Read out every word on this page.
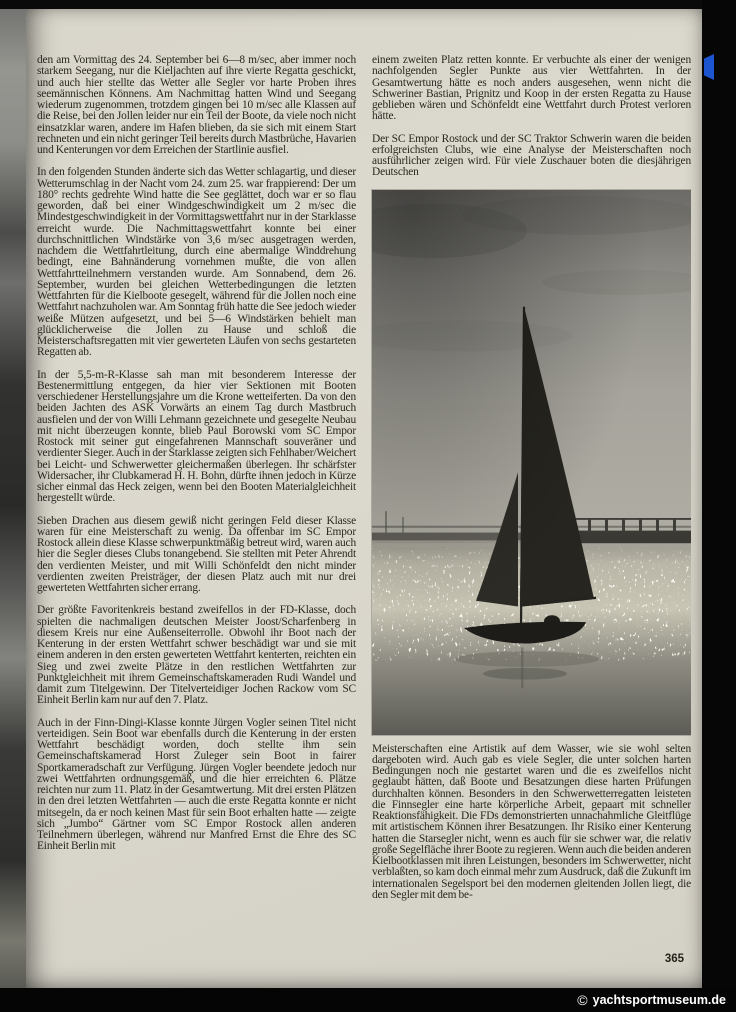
den am Vormittag des 24. September bei 6—8 m/sec, aber immer noch starkem Seegang, nur die Kieljachten auf ihre vierte Regatta geschickt, und auch hier stellte das Wetter alle Segler vor harte Proben ihres seemännischen Könnens. Am Nachmittag hatten Wind und Seegang wiederum zugenommen, trotzdem gingen bei 10 m/sec alle Klassen auf die Reise, bei den Jollen leider nur ein Teil der Boote, da viele noch nicht einsatzklar waren, andere im Hafen blieben, da sie sich mit einem Start rechneten und ein nicht geringer Teil bereits durch Mastbrüche, Havarien und Kenterungen vor dem Erreichen der Startlinie ausfiel.

In den folgenden Stunden änderte sich das Wetter schlagartig, und dieser Wetterumschlag in der Nacht vom 24. zum 25. war frappierend: Der um 180° rechts gedrehte Wind hatte die See geglättet, doch war er so flau geworden, daß bei einer Windgeschwindigkeit um 2 m/sec die Mindestgeschwindigkeit in der Vormittagswettfahrt nur in der Starklasse erreicht wurde. Die Nachmittagswettfahrt konnte bei einer durchschnittlichen Windstärke von 3,6 m/sec ausgetragen werden, nachdem die Wettfahrtleitung, durch eine abermalige Winddrehung bedingt, eine Bahnänderung vornehmen mußte, die von allen Wettfahrtteilnehmern verstanden wurde. Am Sonnabend, dem 26. September, wurden bei gleichen Wetterbedingungen die letzten Wettfahrten für die Kielboote gesegelt, während für die Jollen noch eine Wettfahrt nachzuholen war. Am Sonntag früh hatte die See jedoch wieder weiße Mützen aufgesetzt, und bei 5—6 Windstärken behielt man glücklicherweise die Jollen zu Hause und schloß die Meisterschaftsregatten mit vier gewerteten Läufen von sechs gestarteten Regatten ab.

In der 5,5-m-R-Klasse sah man mit besonderem Interesse der Bestenermittlung entgegen, da hier vier Sektionen mit Booten verschiedener Herstellungsjahre um die Krone wetteiferten. Da von den beiden Jachten des ASK Vorwärts an einem Tag durch Mastbruch ausfielen und der von Willi Lehmann gezeichnete und gesegelte Neubau mit nicht überzeugen konnte, blieb Paul Borowski vom SC Empor Rostock mit seiner gut eingefahrenen Mannschaft souveräner und verdienter Sieger. Auch in der Starklasse zeigten sich Fehlhaber/Weichert bei Leicht- und Schwerwetter gleichermaßen überlegen. Ihr schärfster Widersacher, ihr Clubkamerad H. H. Bohn, dürfte ihnen jedoch in Kürze sicher einmal das Heck zeigen, wenn bei den Booten Materialgleichheit hergestellt würde.

Sieben Drachen aus diesem gewiß nicht geringen Feld dieser Klasse waren für eine Meisterschaft zu wenig. Da offenbar im SC Empor Rostock allein diese Klasse schwerpunktmäßig betreut wird, waren auch hier die Segler dieses Clubs tonangebend. Sie stellten mit Peter Ahrendt den verdienten Meister, und mit Willi Schönfeldt den nicht minder verdienten zweiten Preisträger, der diesen Platz auch mit nur drei gewerteten Wettfahrten sicher errang.

Der größte Favoritenkreis bestand zweifellos in der FD-Klasse, doch spielten die nachmaligen deutschen Meister Joost/Scharfenberg in diesem Kreis nur eine Außenseiterrolle. Obwohl ihr Boot nach der Kenterung in der ersten Wettfahrt schwer beschädigt war und sie mit einem anderen in den ersten gewerteten Wettfahrt kenterten, reichten ein Sieg und zwei zweite Plätze in den restlichen Wettfahrten zur Punktgleichheit mit ihrem Gemeinschaftskameraden Rudi Wandel und damit zum Titelgewinn. Der Titelverteidiger Jochen Rackow vom SC Einheit Berlin kam nur auf den 7. Platz.

Auch in der Finn-Dingi-Klasse konnte Jürgen Vogler seinen Titel nicht verteidigen. Sein Boot war ebenfalls durch die Kenterung in der ersten Wettfahrt beschädigt worden, doch stellte ihm sein Gemeinschaftskamerad Horst Zuleger sein Boot in fairer Sportkameradschaft zur Verfügung. Jürgen Vogler beendete jedoch nur zwei Wettfahrten ordnungsgemäß, und die hier erreichten 6. Plätze reichten nur zum 11. Platz in der Gesamtwertung. Mit drei ersten Plätzen in den drei letzten Wettfahrten — auch die erste Regatta konnte er nicht mitsegeln, da er noch keinen Mast für sein Boot erhalten hatte — zeigte sich „Jumbo“ Gärtner vom SC Empor Rostock allen anderen Teilnehmern überlegen, während nur Manfred Ernst die Ehre des SC Einheit Berlin mit

einem zweiten Platz retten konnte. Er verbuchte als einer der wenigen nachfolgenden Segler Punkte aus vier Wettfahrten. In der Gesamtwertung hätte es noch anders ausgesehen, wenn nicht die Schweriner Bastian, Prignitz und Koop in der ersten Regatta zu Hause geblieben wären und Schönfeldt eine Wettfahrt durch Protest verloren hätte.

Der SC Empor Rostock und der SC Traktor Schwerin waren die beiden erfolgreichsten Clubs, wie eine Analyse der Meisterschaften noch ausführlicher zeigen wird. Für viele Zuschauer boten die diesjährigen Deutschen

Meisterschaften eine Artistik auf dem Wasser, wie sie wohl selten dargeboten wird. Auch gab es viele Segler, die unter solchen harten Bedingungen noch nie gestartet waren und die es zweifellos nicht geglaubt hätten, daß Boote und Besatzungen diese harten Prüfungen durchhalten können. Besonders in den Schwerwetterregatten leisteten die Finnsegler eine harte körperliche Arbeit, gepaart mit schneller Reaktionsfähigkeit. Die FDs demonstrierten unnachahmliche Gleitflüge mit artistischem Können ihrer Besatzungen. Ihr Risiko einer Kenterung hatten die Starsegler nicht, wenn es auch für sie schwer war, die relativ große Segelfläche ihrer Boote zu regieren. Wenn auch die beiden anderen Kielbootklassen mit ihren Leistungen, besonders im Schwerwetter, nicht verblaßten, so kam doch einmal mehr zum Ausdruck, daß die Zukunft im internationalen Segelsport bei den modernen gleitenden Jollen liegt, die den Segler mit dem be-

365
© yachtsportmuseum.de
